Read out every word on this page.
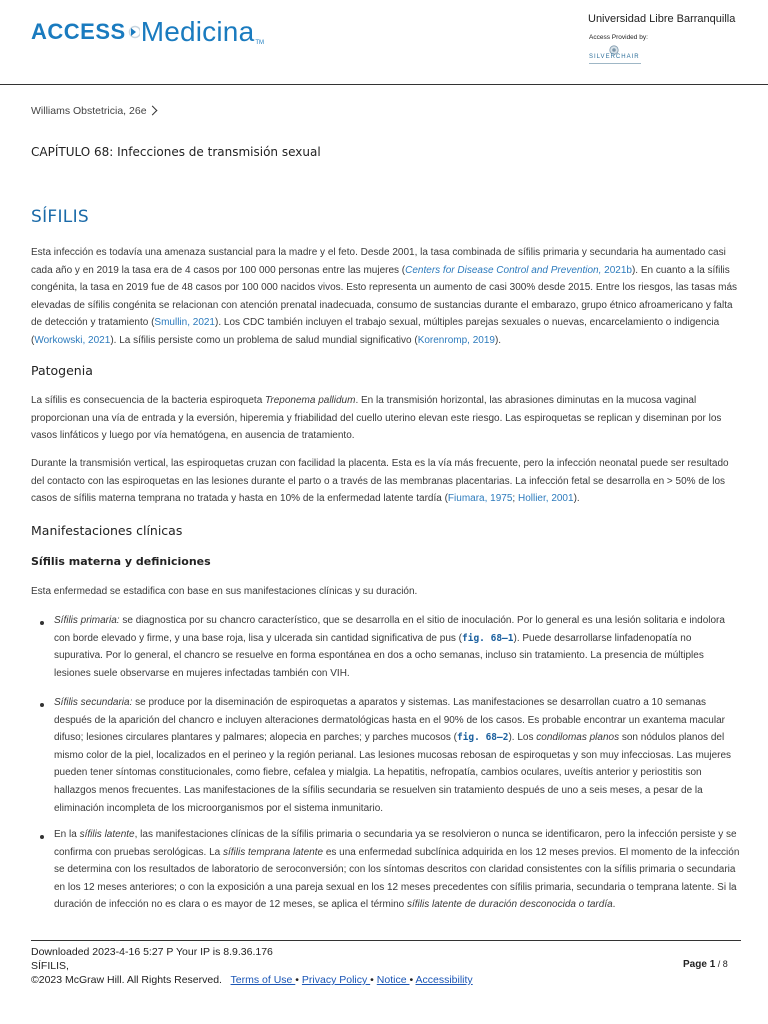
ACCESS Medicina TM
Universidad Libre Barranquilla
Access Provided by:
SILVERCHAIR
Williams Obstetricia, 26e
CAPÍTULO 68: Infecciones de transmisión sexual
SÍFILIS

Esta infección es todavía una amenaza sustancial para la madre y el feto. Desde 2001, la tasa combinada de sífilis primaria y secundaria ha aumentado casi cada año y en 2019 la tasa era de 4 casos por 100 000 personas entre las mujeres (Centers for Disease Control and Prevention, 2021b). En cuanto a la sífilis congénita, la tasa en 2019 fue de 48 casos por 100 000 nacidos vivos. Esto representa un aumento de casi 300% desde 2015. Entre los riesgos, las tasas más elevadas de sífilis congénita se relacionan con atención prenatal inadecuada, consumo de sustancias durante el embarazo, grupo étnico afroamericano y falta de detección y tratamiento (Smullin, 2021). Los CDC también incluyen el trabajo sexual, múltiples parejas sexuales o nuevas, encarcelamiento o indigencia (Workowski, 2021). La sífilis persiste como un problema de salud mundial significativo (Korenromp, 2019).

Patogenia

La sífilis es consecuencia de la bacteria espiroqueta Treponema pallidum. En la transmisión horizontal, las abrasiones diminutas en la mucosa vaginal proporcionan una vía de entrada y la eversión, hiperemia y friabilidad del cuello uterino elevan este riesgo. Las espiroquetas se replican y diseminan por los vasos linfáticos y luego por vía hematógena, en ausencia de tratamiento.

Durante la transmisión vertical, las espiroquetas cruzan con facilidad la placenta. Esta es la vía más frecuente, pero la infección neonatal puede ser resultado del contacto con las espiroquetas en las lesiones durante el parto o a través de las membranas placentarias. La infección fetal se desarrolla en > 50% de los casos de sífilis materna temprana no tratada y hasta en 10% de la enfermedad latente tardía (Fiumara, 1975; Hollier, 2001).

Manifestaciones clínicas
Sífilis materna y definiciones

Esta enfermedad se estadifica con base en sus manifestaciones clínicas y su duración.

Sífilis primaria: se diagnostica por su chancro característico, que se desarrolla en el sitio de inoculación. Por lo general es una lesión solitaria e indolora con borde elevado y firme, y una base roja, lisa y ulcerada sin cantidad significativa de pus (fig. 68–1). Puede desarrollarse linfadenopatía no supurativa. Por lo general, el chancro se resuelve en forma espontánea en dos a ocho semanas, incluso sin tratamiento. La presencia de múltiples lesiones suele observarse en mujeres infectadas también con VIH.

Sífilis secundaria: se produce por la diseminación de espiroquetas a aparatos y sistemas. Las manifestaciones se desarrollan cuatro a 10 semanas después de la aparición del chancro e incluyen alteraciones dermatológicas hasta en el 90% de los casos. Es probable encontrar un exantema macular difuso; lesiones circulares plantares y palmares; alopecia en parches; y parches mucosos (fig. 68–2). Los condilomas planos son nódulos planos del mismo color de la piel, localizados en el perineo y la región perianal. Las lesiones mucosas rebosan de espiroquetas y son muy infecciosas. Las mujeres pueden tener síntomas constitucionales, como fiebre, cefalea y mialgia. La hepatitis, nefropatía, cambios oculares, uveítis anterior y periostitis son hallazgos menos frecuentes. Las manifestaciones de la sífilis secundaria se resuelven sin tratamiento después de uno a seis meses, a pesar de la eliminación incompleta de los microorganismos por el sistema inmunitario.

En la sífilis latente, las manifestaciones clínicas de la sífilis primaria o secundaria ya se resolvieron o nunca se identificaron, pero la infección persiste y se confirma con pruebas serológicas. La sífilis temprana latente es una enfermedad subclínica adquirida en los 12 meses previos. El momento de la infección se determina con los resultados de laboratorio de seroconversión; con los síntomas descritos con claridad consistentes con la sífilis primaria o secundaria en los 12 meses anteriores; o con la exposición a una pareja sexual en los 12 meses precedentes con sífilis primaria, secundaria o temprana latente. Si la duración de infección no es clara o es mayor de 12 meses, se aplica el término sífilis latente de duración desconocida o tardía.

Downloaded 2023-4-16 5:27 P Your IP is 8.9.36.176
SÍFILIS,
©2023 McGraw Hill. All Rights Reserved. Terms of Use • Privacy Policy • Notice • Accessibility
Page 1 / 8
